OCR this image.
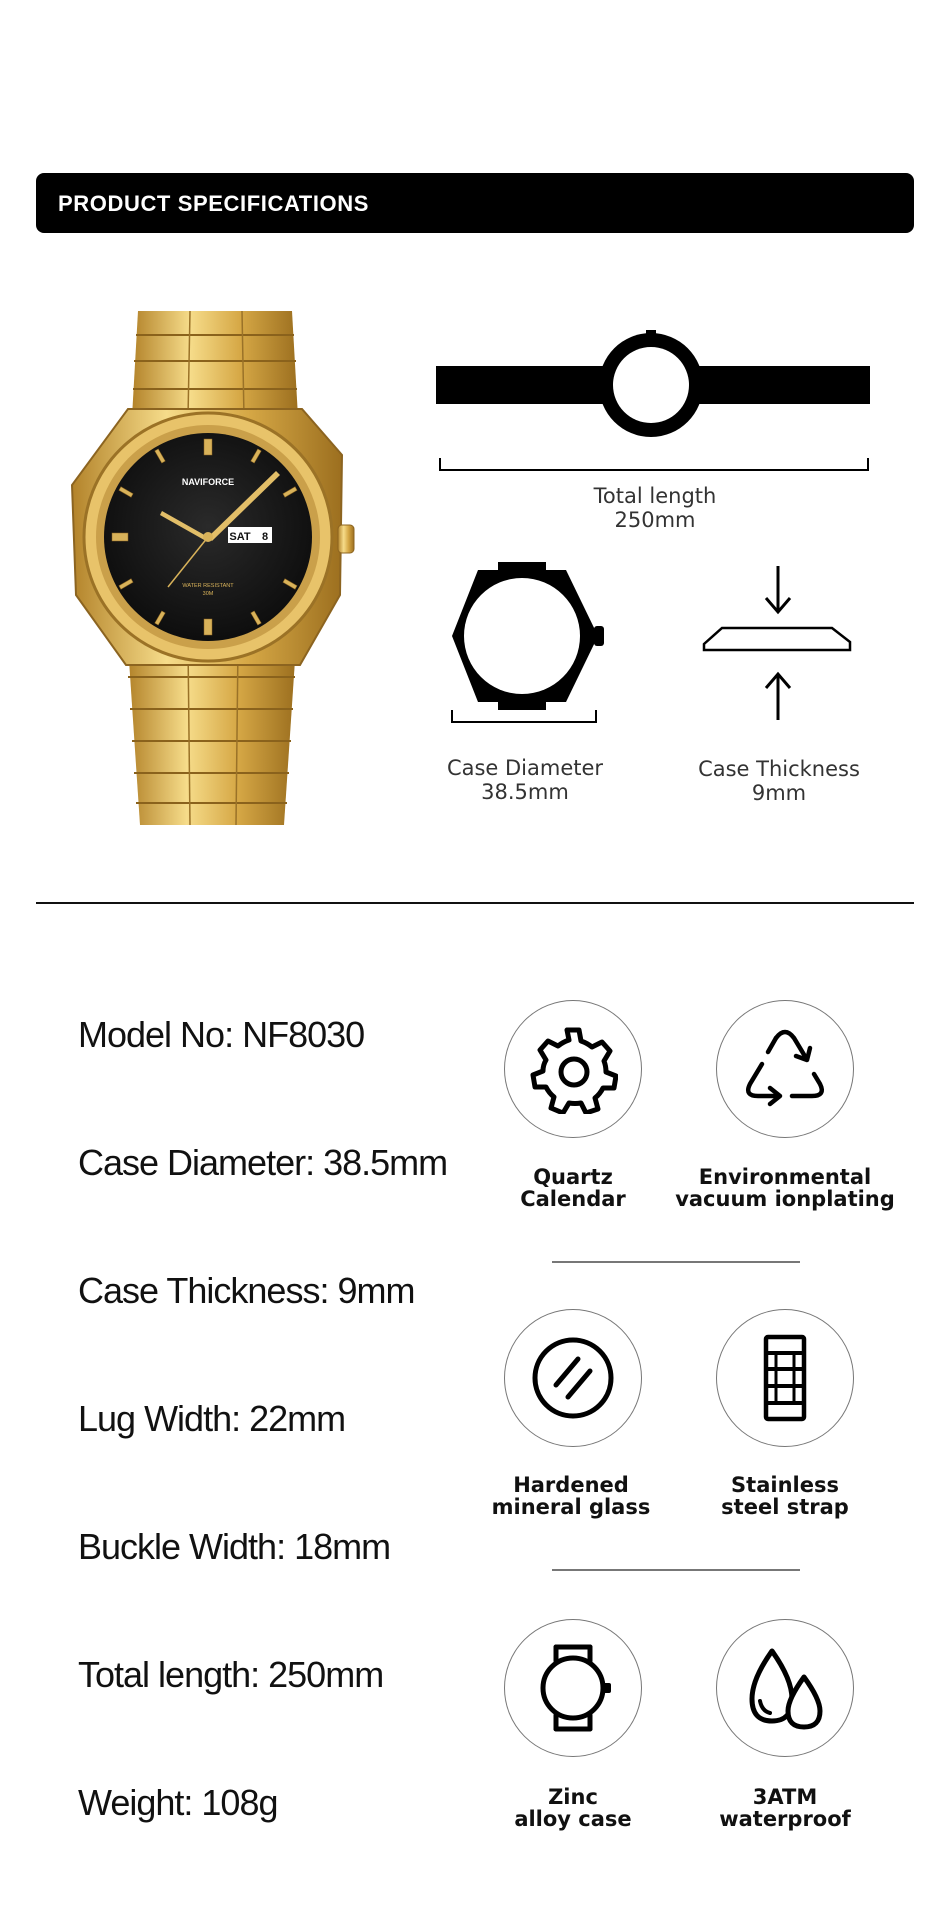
PRODUCT SPECIFICATIONS
NAVIFORCE
SAT 8
WATER RESISTANT
30M
Total length
250mm
Case Diameter
38.5mm
Case Thickness
9mm
Model No: NF8030
Case Diameter: 38.5mm
Case Thickness: 9mm
Lug Width: 22mm
Buckle Width: 18mm
Total length: 250mm
Weight: 108g
Quartz
Calendar
Environmental
vacuum ionplating
Hardened
mineral glass
Stainless
steel strap
Zinc
alloy case
3ATM
waterproof
